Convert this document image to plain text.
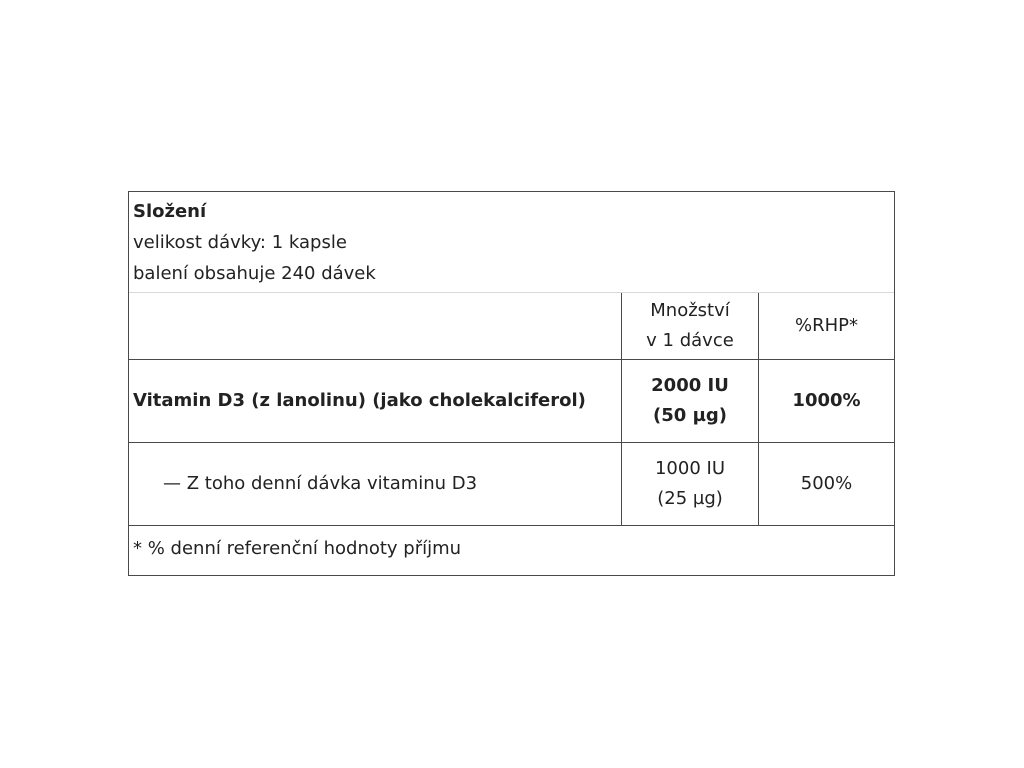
Složení
velikost dávky: 1 kapsle
balení obsahuje 240 dávek
Množství
v 1 dávce
%RHP*
Vitamin D3 (z lanolinu) (jako cholekalciferol)
2000 IU
(50 µg)
1000%
— Z toho denní dávka vitaminu D3
1000 IU
(25 µg)
500%
* % denní referenční hodnoty příjmu
